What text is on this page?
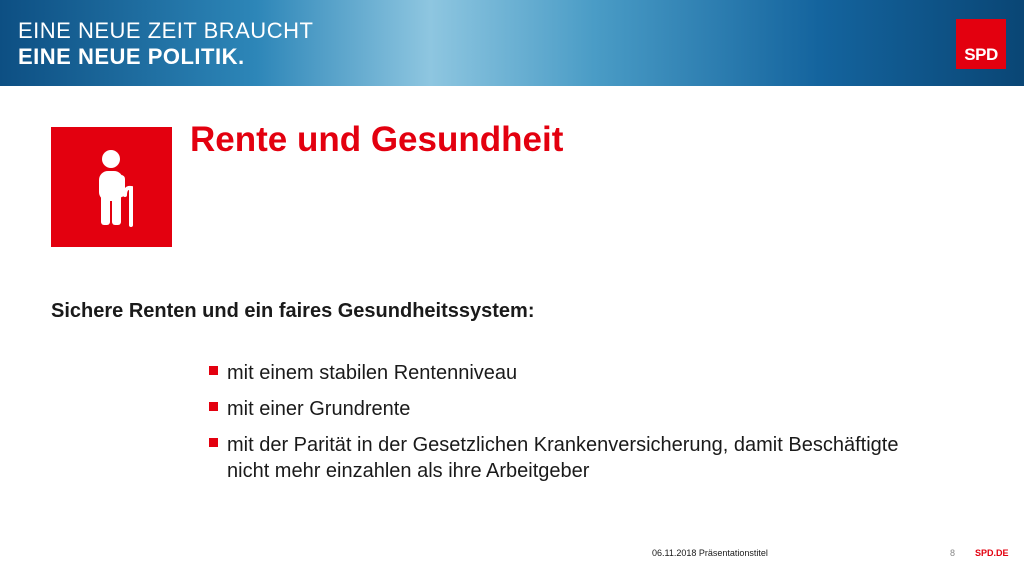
EINE NEUE ZEIT BRAUCHT
EINE NEUE POLITIK.	SPD
Rente und Gesundheit
Sichere Renten und ein faires Gesundheitssystem:
mit einem stabilen Rentenniveau
mit einer Grundrente
mit der Parität in der Gesetzlichen Krankenversicherung, damit Beschäftigte nicht mehr einzahlen als ihre Arbeitgeber
06.11.2018 Präsentationstitel	8 SPD.DE
